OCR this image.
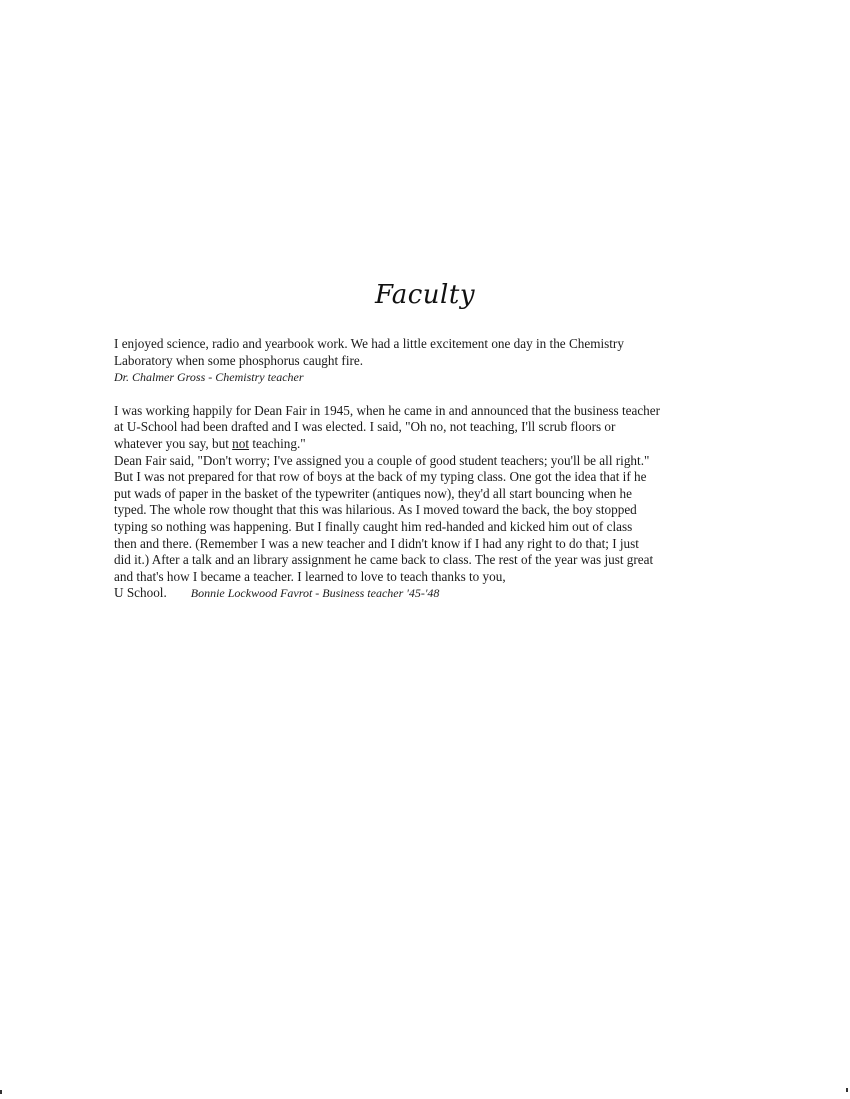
Faculty
I enjoyed science, radio and yearbook work. We had a little excitement one day in the Chemistry
Laboratory when some phosphorus caught fire.
Dr. Chalmer Gross - Chemistry teacher
I was working happily for Dean Fair in 1945, when he came in and announced that the business teacher
at U-School had been drafted and I was elected. I said, "Oh no, not teaching, I'll scrub floors or
whatever you say, but not teaching."
Dean Fair said, "Don't worry; I've assigned you a couple of good student teachers; you'll be all right."
But I was not prepared for that row of boys at the back of my typing class. One got the idea that if he
put wads of paper in the basket of the typewriter (antiques now), they'd all start bouncing when he
typed. The whole row thought that this was hilarious. As I moved toward the back, the boy stopped
typing so nothing was happening. But I finally caught him red-handed and kicked him out of class
then and there. (Remember I was a new teacher and I didn't know if I had any right to do that; I just
did it.) After a talk and an library assignment he came back to class. The rest of the year was just great
and that's how I became a teacher. I learned to love to teach thanks to you,
U School. Bonnie Lockwood Favrot - Business teacher '45-'48
